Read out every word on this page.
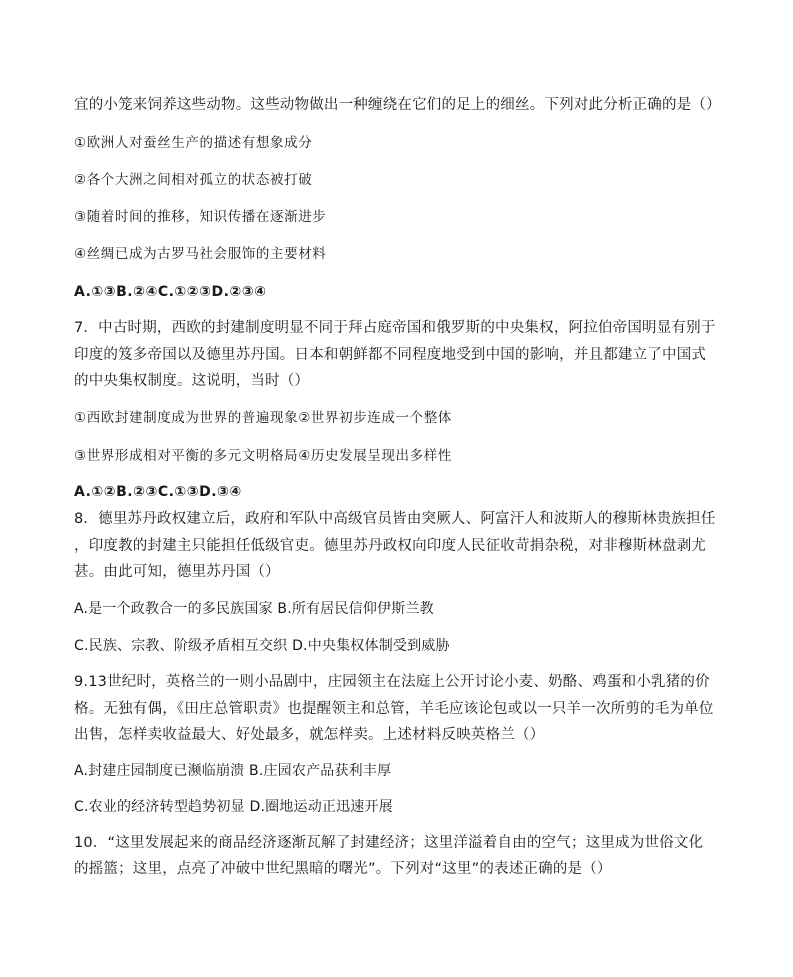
宜的小笼来饲养这些动物。这些动物做出一种缠绕在它们的足上的细丝。下列对此分析正确的是（）
①欧洲人对蚕丝生产的描述有想象成分
②各个大洲之间相对孤立的状态被打破
③随着时间的推移，知识传播在逐渐进步
④丝绸已成为古罗马社会服饰的主要材料
A.①③B.②④C.①②③D.②③④
7．中古时期，西欧的封建制度明显不同于拜占庭帝国和俄罗斯的中央集权，阿拉伯帝国明显有别于
印度的笈多帝国以及德里苏丹国。日本和朝鲜都不同程度地受到中国的影响，并且都建立了中国式
的中央集权制度。这说明，当时（）
①西欧封建制度成为世界的普遍现象②世界初步连成一个整体
③世界形成相对平衡的多元文明格局④历史发展呈现出多样性
A.①②B.②③C.①③D.③④
8．德里苏丹政权建立后，政府和军队中高级官员皆由突厥人、阿富汗人和波斯人的穆斯林贵族担任
，印度教的封建主只能担任低级官吏。德里苏丹政权向印度人民征收苛捐杂税，对非穆斯林盘剥尤
甚。由此可知，德里苏丹国（）
A.是一个政教合一的多民族国家 B.所有居民信仰伊斯兰教
C.民族、宗教、阶级矛盾相互交织 D.中央集权体制受到威胁
9.13世纪时，英格兰的一则小品剧中，庄园领主在法庭上公开讨论小麦、奶酪、鸡蛋和小乳猪的价
格。无独有偶，《田庄总管职责》也提醒领主和总管，羊毛应该论包或以一只羊一次所剪的毛为单位
出售，怎样卖收益最大、好处最多，就怎样卖。上述材料反映英格兰（）
A.封建庄园制度已濒临崩溃 B.庄园农产品获利丰厚
C.农业的经济转型趋势初显 D.圈地运动正迅速开展
10．“这里发展起来的商品经济逐渐瓦解了封建经济；这里洋溢着自由的空气；这里成为世俗文化
的摇篮；这里，点亮了冲破中世纪黑暗的曙光”。下列对“这里”的表述正确的是（）
